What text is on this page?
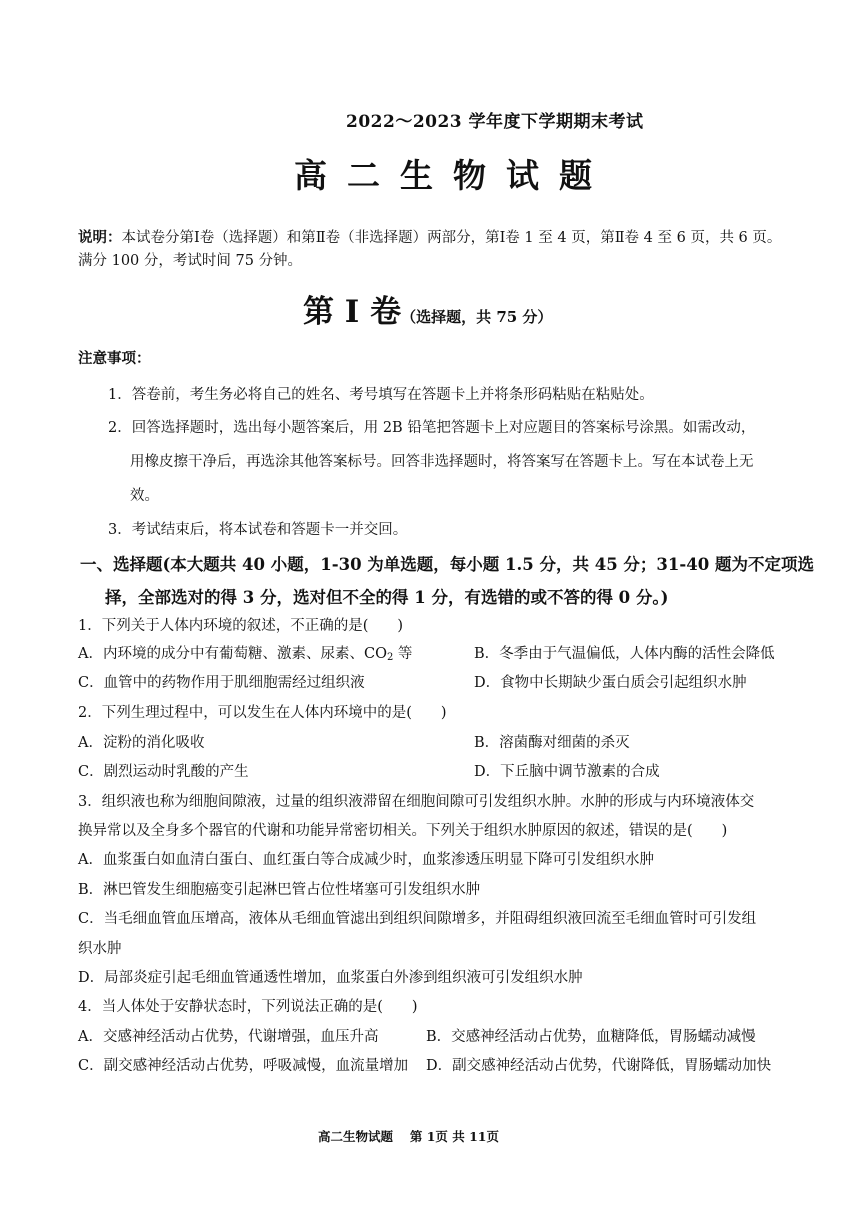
2022～2023 学年度下学期期末考试
高二生物试题
说明：本试卷分第Ⅰ卷（选择题）和第Ⅱ卷（非选择题）两部分，第Ⅰ卷 1 至 4 页，第Ⅱ卷 4 至 6 页，共 6 页。满分 100 分，考试时间 75 分钟。
第 Ⅰ 卷（选择题，共 75 分）
注意事项：
1．答卷前，考生务必将自己的姓名、考号填写在答题卡上并将条形码粘贴在粘贴处。
2．回答选择题时，选出每小题答案后，用 2B 铅笔把答题卡上对应题目的答案标号涂黑。如需改动，
用橡皮擦干净后，再选涂其他答案标号。回答非选择题时，将答案写在答题卡上。写在本试卷上无
效。
3．考试结束后，将本试卷和答题卡一并交回。
一、选择题(本大题共 40 小题，1-30 为单选题，每小题 1.5 分，共 45 分；31-40 题为不定项选
择，全部选对的得 3 分，选对但不全的得 1 分，有选错的或不答的得 0 分。)
1．下列关于人体内环境的叙述，不正确的是(　　)
A．内环境的成分中有葡萄糖、激素、尿素、$CO_2$ 等	B．冬季由于气温偏低，人体内酶的活性会降低
C．血管中的药物作用于肌细胞需经过组织液	D．食物中长期缺少蛋白质会引起组织水肿
2．下列生理过程中，可以发生在人体内环境中的是(　　)
A．淀粉的消化吸收	B．溶菌酶对细菌的杀灭
C．剧烈运动时乳酸的产生	D．下丘脑中调节激素的合成
3．组织液也称为细胞间隙液，过量的组织液滞留在细胞间隙可引发组织水肿。水肿的形成与内环境液体交
换异常以及全身多个器官的代谢和功能异常密切相关。下列关于组织水肿原因的叙述，错误的是(　　)
A．血浆蛋白如血清白蛋白、血红蛋白等合成减少时，血浆渗透压明显下降可引发组织水肿
B．淋巴管发生细胞癌变引起淋巴管占位性堵塞可引发组织水肿
C．当毛细血管血压增高，液体从毛细血管滤出到组织间隙增多，并阻碍组织液回流至毛细血管时可引发组
织水肿
D．局部炎症引起毛细血管通透性增加，血浆蛋白外渗到组织液可引发组织水肿
4．当人体处于安静状态时，下列说法正确的是(　　)
A．交感神经活动占优势，代谢增强，血压升高	B．交感神经活动占优势，血糖降低，胃肠蠕动减慢
C．副交感神经活动占优势，呼吸减慢，血流量增加 D．副交感神经活动占优势，代谢降低，胃肠蠕动加快
高二生物试题　 第 1页 共 11页
